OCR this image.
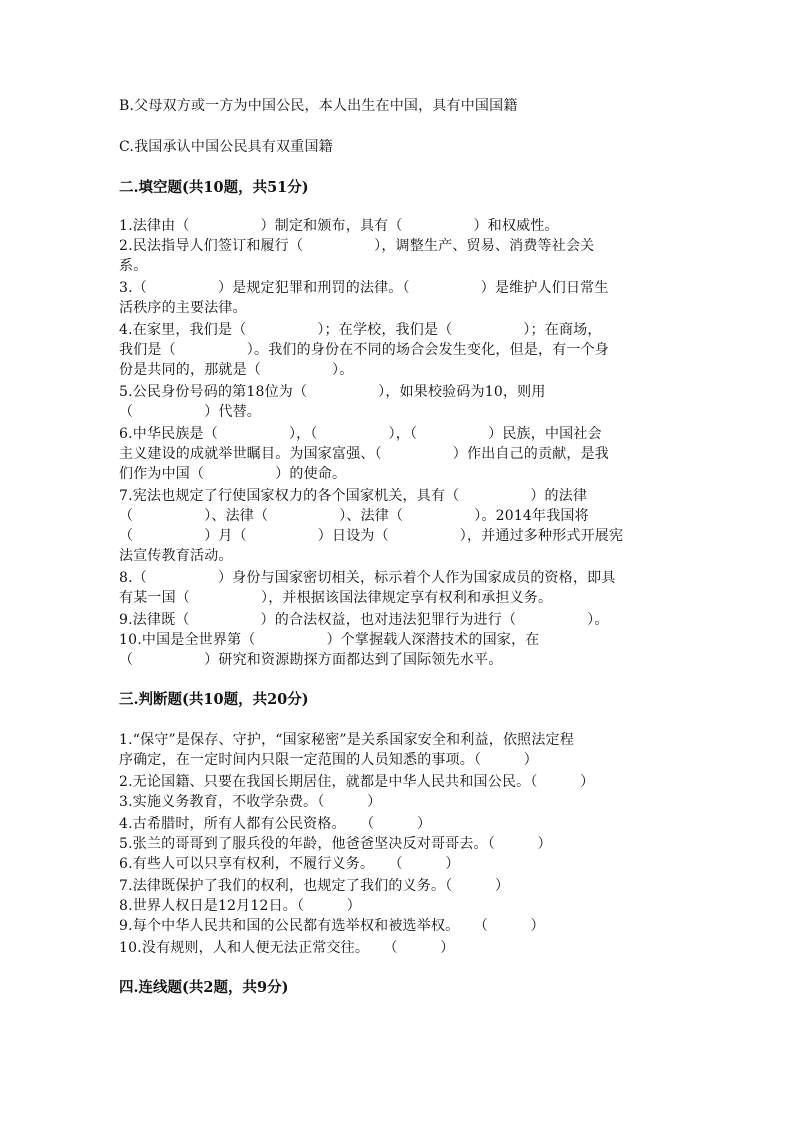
B.父母双方或一方为中国公民，本人出生在中国，具有中国国籍
C.我国承认中国公民具有双重国籍
二.填空题(共10题，共51分)
1.法律由（　　　　　）制定和颁布，具有（　　　　　）和权威性。
2.民法指导人们签订和履行（　　　　　），调整生产、贸易、消费等社会关
系。
3.（　　　　　）是规定犯罪和刑罚的法律。（　　　　　）是维护人们日常生
活秩序的主要法律。
4.在家里，我们是（　　　　　）；在学校，我们是（　　　　　）；在商场，
我们是（　　　　　）。我们的身份在不同的场合会发生变化，但是，有一个身
份是共同的，那就是（　　　　　）。
5.公民身份号码的第18位为（　　　　　），如果校验码为10，则用
（　　　　　）代替。
6.中华民族是（　　　　　），（　　　　　），（　　　　　）民族，中国社会
主义建设的成就举世瞩目。为国家富强、（　　　　　）作出自己的贡献，是我
们作为中国（　　　　　）的使命。
7.宪法也规定了行使国家权力的各个国家机关，具有（　　　　　）的法律
（　　　　　）、法律（　　　　　）、法律（　　　　　）。2014年我国将
（　　　　　）月（　　　　　）日设为（　　　　　），并通过多种形式开展宪
法宣传教育活动。
8.（　　　　　）身份与国家密切相关，标示着个人作为国家成员的资格，即具
有某一国（　　　　　），并根据该国法律规定享有权利和承担义务。
9.法律既（　　　　　）的合法权益，也对违法犯罪行为进行（　　　　　）。
10.中国是全世界第（　　　　　）个掌握载人深潜技术的国家，在
（　　　　　）研究和资源勘探方面都达到了国际领先水平。
三.判断题(共10题，共20分)
1.“保守”是保存、守护，“国家秘密”是关系国家安全和利益，依照法定程
序确定，在一定时间内只限一定范围的人员知悉的事项。（　　　）
2.无论国籍、只要在我国长期居住，就都是中华人民共和国公民。（　　　）
3.实施义务教育，不收学杂费。（　　　）
4.古希腊时，所有人都有公民资格。　　（　　　）
5.张兰的哥哥到了服兵役的年龄，他爸爸坚决反对哥哥去。（　　　）
6.有些人可以只享有权利，不履行义务。　　（　　　）
7.法律既保护了我们的权利，也规定了我们的义务。（　　　）
8.世界人权日是12月12日。（　　　）
9.每个中华人民共和国的公民都有选举权和被选举权。　　（　　　）
10.没有规则，人和人便无法正常交往。　　（　　　）
四.连线题(共2题，共9分)
